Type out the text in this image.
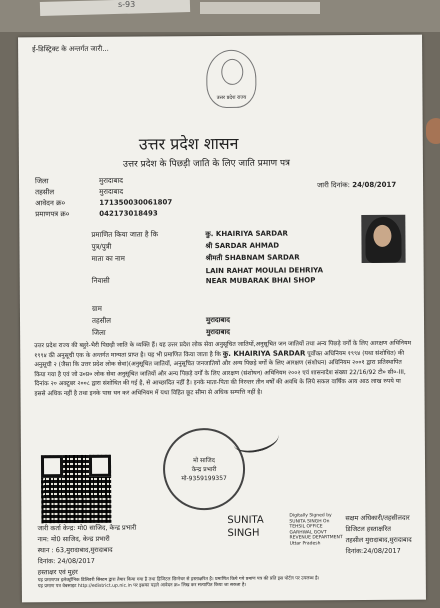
s-93
ई-डिस्ट्रिक्ट के अन्तर्गत जारी...
उत्तर प्रदेश राज्य
उत्तर प्रदेश शासन
उत्तर प्रदेश के पिछड़ी जाति के लिए जाति प्रमाण पत्र
जिला	मुरादाबाद
तहसील	मुरादाबाद
आवेदन क्र०	171350030061807
प्रमाणपत्र क्र०	042173018493
जारी दिनांक: 24/08/2017
प्रमाणित किया जाता है कि	कु. KHAIRIYA SARDAR
पुत्र/पुत्री	श्री SARDAR AHMAD
माता का नाम	श्रीमती SHABNAM SARDAR
निवासी
LAIN RAHAT MOULAI DEHRIYA NEAR MUBARAK BHAI SHOP
ग्राम
तहसील	मुरादाबाद
जिला	मुरादाबाद
उत्तर प्रदेश राज्य की बहुरे-भैरी पिछड़ी जाति के व्यक्ति हैं। यह उत्तर प्रदेश लोक सेवा अनुसूचित जातियों,अनुसूचित जन जातियों तथा अन्य पिछड़े वर्गों के लिए आरक्षण अधिनियम १९९४ की अनुसूची एक के अन्तर्गत मान्यता प्राप्त है। यह भी प्रमाणित किया जाता है कि कु. KHAIRIYA SARDAR पूर्वोक्त अधिनियम १९९४ (यथा संशोधित) की अनुसूची २ (जैसा कि उत्तर प्रदेश लोक सेवा)(अनुसूचित जातियों, अनुसूचित जनजातियों और अन्य पिछड़े वर्गों के लिए आरक्षण (संशोधन) अधिनियम २००१ द्वारा प्रतिस्थापित किया गया है एवं जो उ०प्र० लोक सेवा अनुसूचित जातियों और अन्य पिछड़े वर्गों के लिए आरक्षण (संशोधन) अधिनियम २००२ एवं शासनादेश संख्या 22/16/92 टी० सी०-III, दिनांक २० अक्टूबर २००८ द्वारा संशोधित की गई है, से आच्छादित नहीं है। इनके माता-पिता की निरन्तर तीन वर्षों की अवधि के लिये सकल वार्षिक आय आठ लाख रुपये या इससे अधिक नहीं है तथा इनके पास धन कर अधिनियम में यथा विहित छूट सीमा से अधिक सम्पत्ति नहीं है।
मो साजिद
केन्द्र प्रभारी
मो-9359199357
SUNITA
SINGH
Digitally Signed by SUNITA SINGH On TEHSIL OFFICE GARHWAL GOVT REVENUE DEPARTMENT Uttar Pradesh
सक्षम अधिकारी/तहसीलदार
डिजिटल हस्ताक्षरित
तहसील मुरादाबाद,मुरादाबाद
दिनांक:24/08/2017
जारी कर्ता केन्द्र: मो0 साजिद, केन्द्र प्रभारी
नाम: मो0 साजिद, केन्द्र प्रभारी
स्थान : 63,मुरादाबाद,मुरादाबाद
दिनांक: 24/08/2017
हस्ताक्षर एवं मुहर
यह प्रमाणपत्र इलेक्ट्रॉनिक डिलिवरी सिस्टम द्वारा तैयार किया गया है तथा डिजिटल सिग्नेचर से हस्ताक्षरित है। प्रमाणित किये गये प्रमाण पत्र की प्रति इस पोर्टल पर उपलब्ध है।
यह प्रमाण पत्र वेबसाइट http://edistrict.up.nic.in पर इसका पहले आवेदन क्र० लिख कर सत्यापित किया जा सकता है।
